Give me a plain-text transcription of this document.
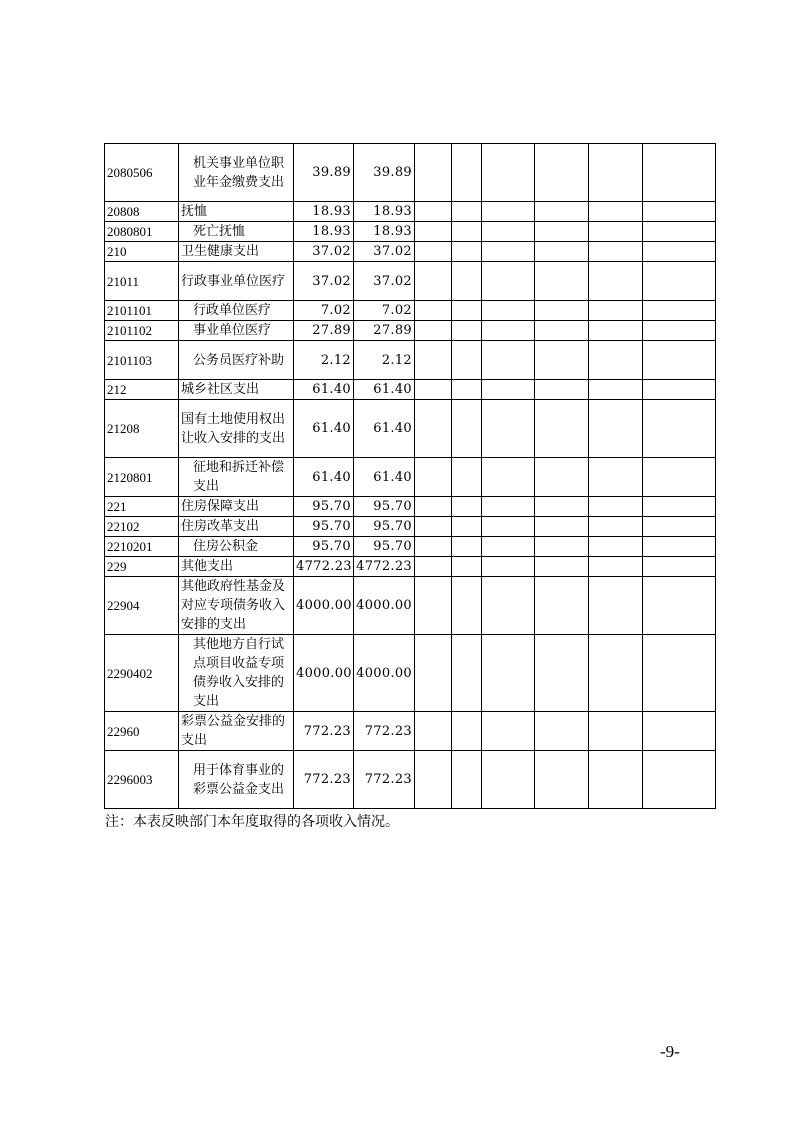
2080506	机关事业单位职业年金缴费支出	39.89	39.89						
20808	抚恤	18.93	18.93						
2080801	死亡抚恤	18.93	18.93						
210	卫生健康支出	37.02	37.02						
21011	行政事业单位医疗	37.02	37.02						
2101101	行政单位医疗	7.02	7.02						
2101102	事业单位医疗	27.89	27.89						
2101103	公务员医疗补助	2.12	2.12						
212	城乡社区支出	61.40	61.40						
21208	国有土地使用权出让收入安排的支出	61.40	61.40						
2120801	征地和拆迁补偿支出	61.40	61.40						
221	住房保障支出	95.70	95.70						
22102	住房改革支出	95.70	95.70						
2210201	住房公积金	95.70	95.70						
229	其他支出	4772.23	4772.23						
22904	其他政府性基金及对应专项债务收入安排的支出	4000.00	4000.00						
2290402	其他地方自行试点项目收益专项债券收入安排的支出	4000.00	4000.00						
22960	彩票公益金安排的支出	772.23	772.23						
2296003	用于体育事业的彩票公益金支出	772.23	772.23						
注：本表反映部门本年度取得的各项收入情况。
-9-
